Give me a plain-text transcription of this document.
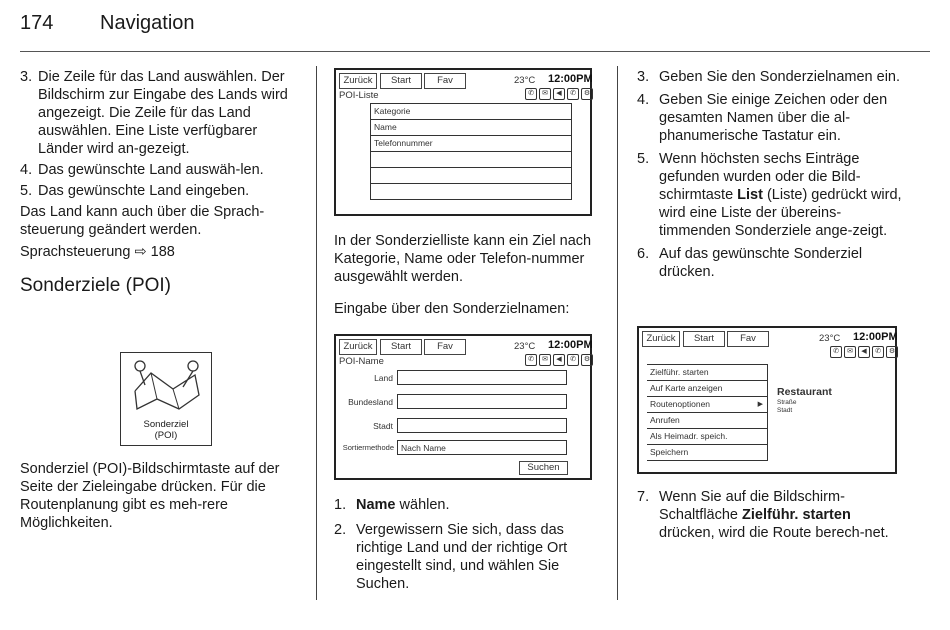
174 Navigation
3. Die Zeile für das Land auswählen. Der Bildschirm zur Eingabe des Lands wird angezeigt. Die Zeile für das Land auswählen. Eine Liste verfügbarer Länder wird an-gezeigt.
4. Das gewünschte Land auswäh-len.
5. Das gewünschte Land eingeben.

Das Land kann auch über die Sprach-steuerung geändert werden.

Sprachsteuerung ⇨ 188

Sonderziele (POI)
Sonderziel
(POI)
Sonderziel (POI)-Bildschirmtaste auf der Seite der Zieleingabe drücken. Für die Routenplanung gibt es meh-rere Möglichkeiten.
Zurück	Start	Fav	23°C 12:00PM
✆	✉	◀	✆	⚙
POI-Liste
Kategorie
Name
Telefonnummer

In der Sonderzielliste kann ein Ziel nach Kategorie, Name oder Telefon-nummer ausgewählt werden.

Eingabe über den Sonderzielnamen:

Zurück	Start	Fav	23°C 12:00PM
✆	✉	◀	✆	⚙
POI-Name
Land
Bundesland
Stadt
Sortiermethode Nach Name
Suchen
1. Name wählen.
2. Vergewissern Sie sich, dass das richtige Land und der richtige Ort eingestellt sind, und wählen Sie Suchen.
3. Geben Sie den Sonderzielnamen ein.
4. Geben Sie einige Zeichen oder den gesamten Namen über die al-phanumerische Tastatur ein.
5. Wenn höchsten sechs Einträge gefunden wurden oder die Bild-schirmtaste List (Liste) gedrückt wird, wird eine Liste der übereins-timmenden Sonderziele ange-zeigt.
6. Auf das gewünschte Sonderziel drücken.
Zurück	Start	Fav	23°C 12:00PM
✆	✉	◀	✆	⚙
Zielführ. starten
Auf Karte anzeigen
Routenoptionen	▶
Anrufen
Als Heimadr. speich.
Speichern
Restaurant
Straße
Stadt
7. Wenn Sie auf die Bildschirm-Schaltfläche Zielführ. starten drücken, wird die Route berech-net.
